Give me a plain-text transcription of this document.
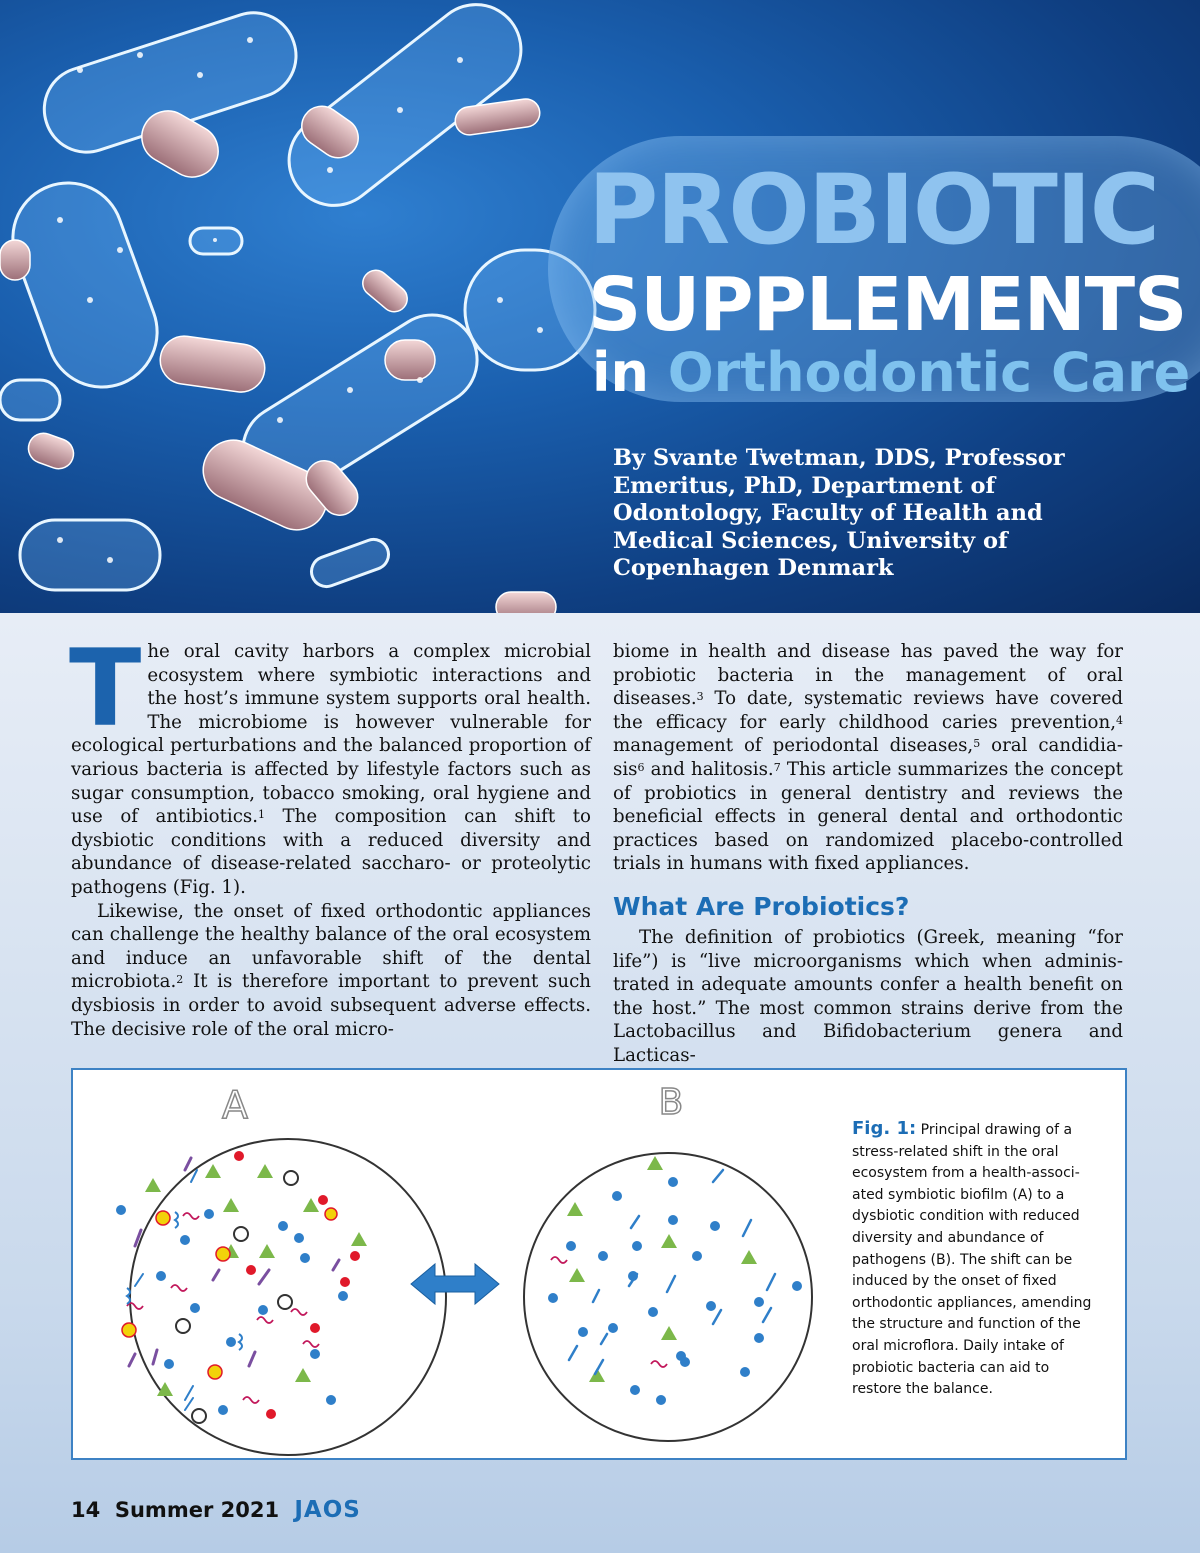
PROBIOTIC
SUPPLEMENTS
in Orthodontic Care

By Svante Twetman, DDS, Professor Emeritus, PhD, Department of Odontology, Faculty of Health and Medical Sciences, University of Copenhagen Denmark

The oral cavity harbors a complex microbial ecosystem where symbiotic interactions and the host’s immune system supports oral health. The microbiome is however vulnerable for ecological perturbations and the balanced proportion of various bacteria is affected by lifestyle factors such as sugar consumption, tobacco smoking, oral hygiene and use of antibiotics.$^1$ The composition can shift to dysbiotic conditions with a reduced diversity and abundance of disease-related saccharo- or proteolytic pathogens (Fig. 1).

Likewise, the onset of fixed orthodontic appliances can challenge the healthy balance of the oral ecosystem and induce an unfavorable shift of the dental microbiota.$^2$ It is therefore important to prevent such dysbiosis in order to avoid subsequent adverse effects. The decisive role of the oral micro-

biome in health and disease has paved the way for probiotic bacteria in the management of oral diseases.$^3$ To date, systematic reviews have covered the efficacy for early childhood caries prevention,$^4$ management of periodontal diseases,$^5$ oral candidia-sis$^6$ and halitosis.$^7$ This article summarizes the concept of probiotics in general dentistry and reviews the beneficial effects in general dental and orthodontic practices based on randomized placebo-controlled trials in humans with fixed appliances.

What Are Probiotics?

The definition of probiotics (Greek, meaning “for life”) is “live microorganisms which when adminis-trated in adequate amounts confer a health benefit on the host.” The most common strains derive from the Lactobacillus and Bifidobacterium genera and Lacticas-

A	B

Fig. 1: Principal drawing of a stress-related shift in the oral ecosystem from a health-associ-ated symbiotic biofilm (A) to a dysbiotic condition with reduced diversity and abundance of pathogens (B). The shift can be induced by the onset of fixed orthodontic appliances, amending the structure and function of the oral microflora. Daily intake of probiotic bacteria can aid to restore the balance.

14 Summer 2021 JAOS
